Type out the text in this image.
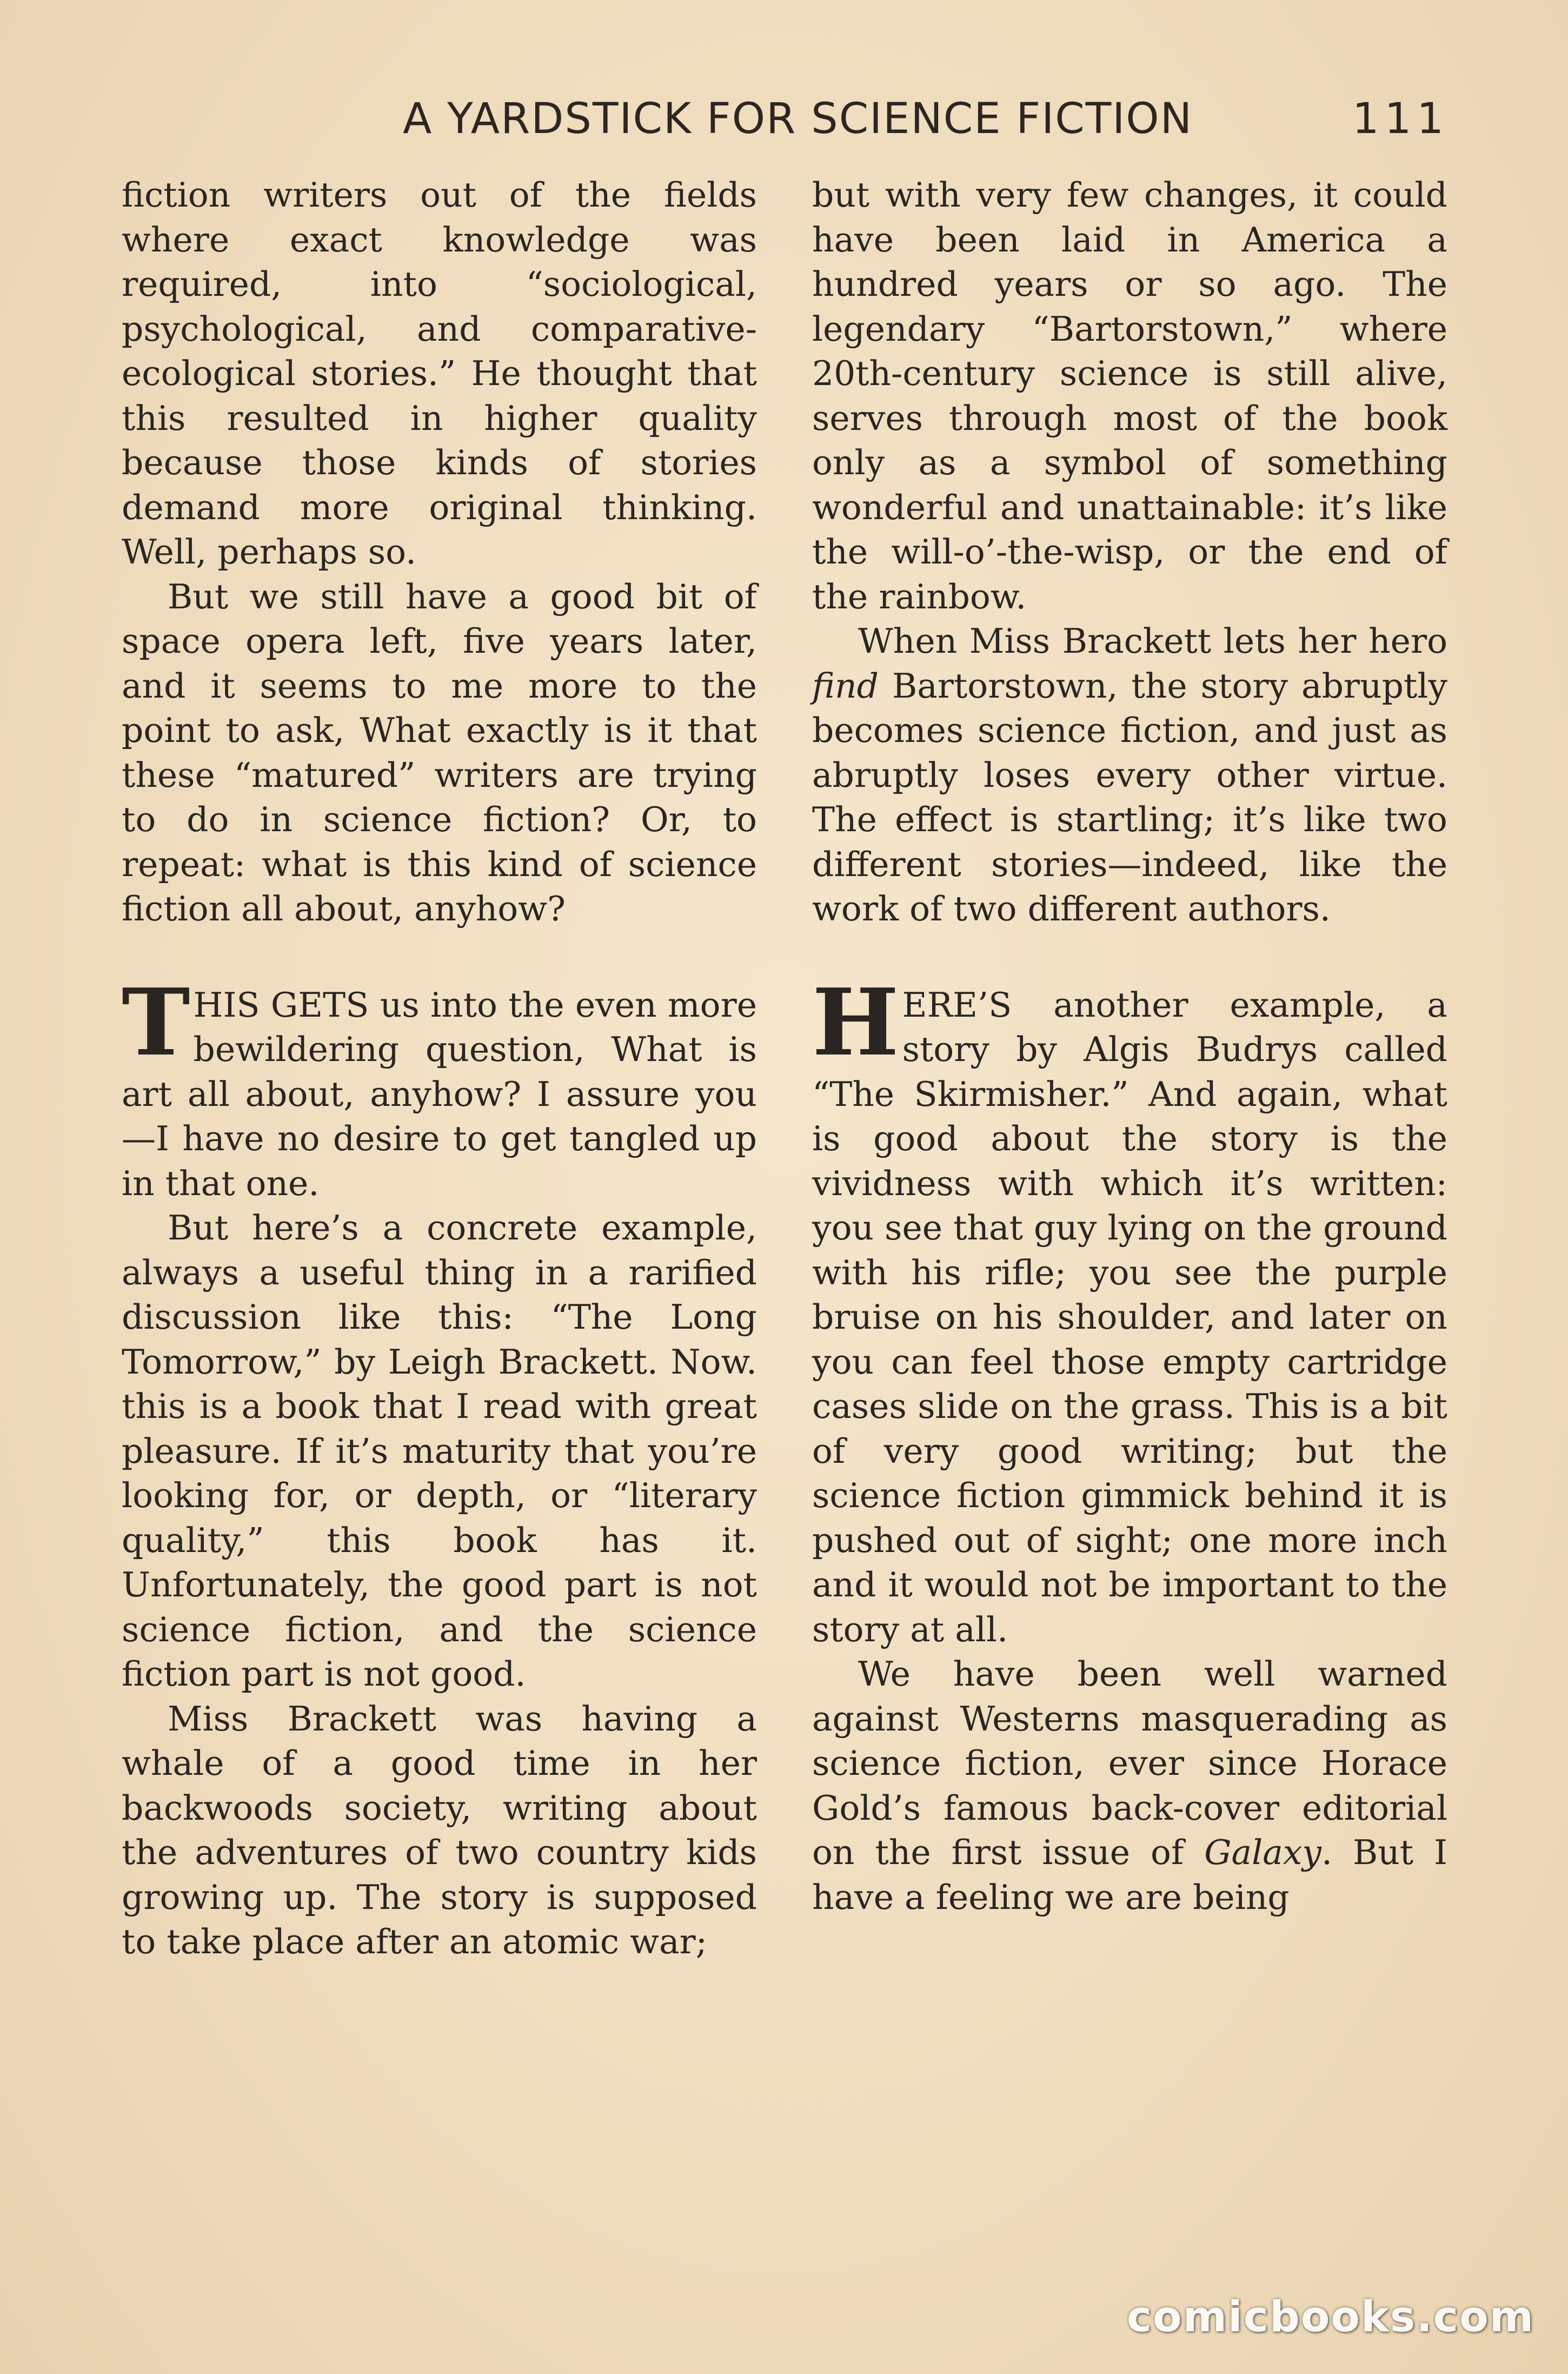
A YARDSTICK FOR SCIENCE FICTION	111

fiction writers out of the fields where exact knowledge was required, into “sociological, psychological, and comparative-ecological stories.” He thought that this resulted in higher quality because those kinds of stories demand more original thinking. Well, perhaps so.

But we still have a good bit of space opera left, five years later, and it seems to me more to the point to ask, What exactly is it that these “matured” writers are trying to do in science fiction? Or, to repeat: what is this kind of science fiction all about, anyhow?

THIS GETS us into the even more bewildering question, What is art all about, anyhow? I assure you —I have no desire to get tangled up in that one.

But here’s a concrete example, always a useful thing in a rarified discussion like this: “The Long Tomorrow,” by Leigh Brackett. Now. this is a book that I read with great pleasure. If it’s maturity that you’re looking for, or depth, or “literary quality,” this book has it. Unfortunately, the good part is not science fiction, and the science fiction part is not good.

Miss Brackett was having a whale of a good time in her backwoods society, writing about the adventures of two country kids growing up. The story is supposed to take place after an atomic war;

but with very few changes, it could have been laid in America a hundred years or so ago. The legendary “Bartorstown,” where 20th-century science is still alive, serves through most of the book only as a symbol of something wonderful and unattainable: it’s like the will-o’-the-wisp, or the end of the rainbow.

When Miss Brackett lets her hero find Bartorstown, the story abruptly becomes science fiction, and just as abruptly loses every other virtue. The effect is startling; it’s like two different stories—indeed, like the work of two different authors.

HERE’S another example, a story by Algis Budrys called “The Skirmisher.” And again, what is good about the story is the vividness with which it’s written: you see that guy lying on the ground with his rifle; you see the purple bruise on his shoulder, and later on you can feel those empty cartridge cases slide on the grass. This is a bit of very good writing; but the science fiction gimmick behind it is pushed out of sight; one more inch and it would not be important to the story at all.

We have been well warned against Westerns masquerading as science fiction, ever since Horace Gold’s famous back-cover editorial on the first issue of Galaxy. But I have a feeling we are being

comicbooks.com
